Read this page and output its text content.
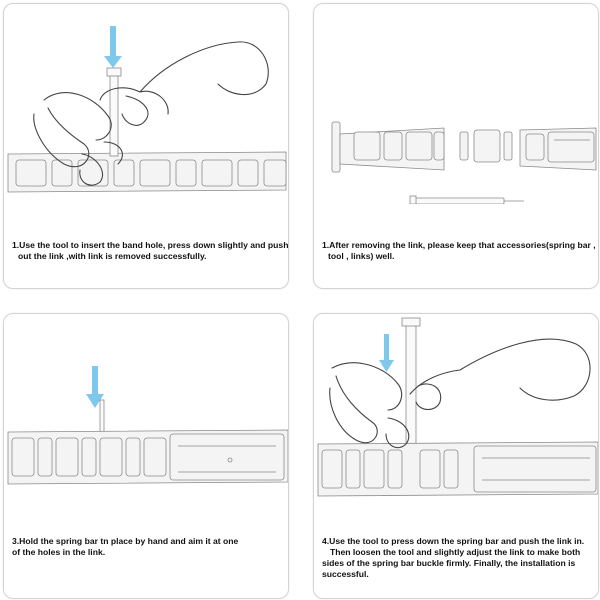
1.Use the tool to insert the band hole, press down slightly and push
out the link ,with link is removed successfully.
1.After removing the link, please keep that accessories(spring bar ,
tool , links) well.
3.Hold the spring bar tn place by hand and aim it at one
of the holes in the link.
4.Use the tool to press down the spring bar and push the link in.
Then loosen the tool and slightly adjust the link to make both
sides of the spring bar buckle firmly. Finally, the installation is
successful.
